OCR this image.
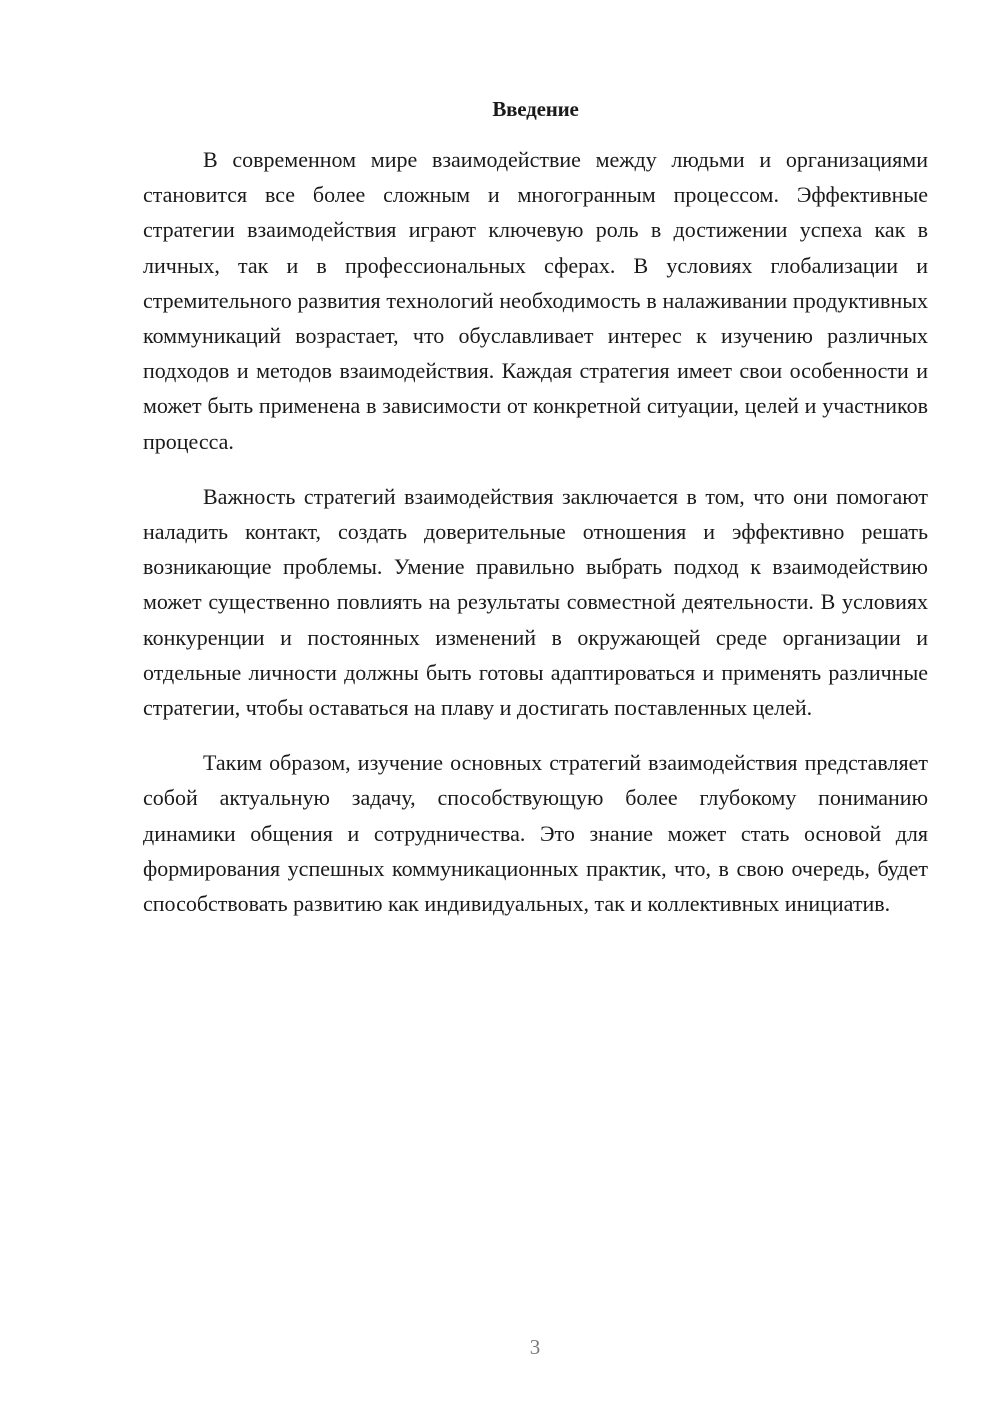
Введение

В современном мире взаимодействие между людьми и организациями становится все более сложным и многогранным процессом. Эффективные стратегии взаимодействия играют ключевую роль в достижении успеха как в личных, так и в профессиональных сферах. В условиях глобализации и стремительного развития технологий необходимость в налаживании продуктивных коммуникаций возрастает, что обуславливает интерес к изучению различных подходов и методов взаимодействия. Каждая стратегия имеет свои особенности и может быть применена в зависимости от конкретной ситуации, целей и участников процесса.

Важность стратегий взаимодействия заключается в том, что они помогают наладить контакт, создать доверительные отношения и эффективно решать возникающие проблемы. Умение правильно выбрать подход к взаимодействию может существенно повлиять на результаты совместной деятельности. В условиях конкуренции и постоянных изменений в окружающей среде организации и отдельные личности должны быть готовы адаптироваться и применять различные стратегии, чтобы оставаться на плаву и достигать поставленных целей.

Таким образом, изучение основных стратегий взаимодействия представляет собой актуальную задачу, способствующую более глубокому пониманию динамики общения и сотрудничества. Это знание может стать основой для формирования успешных коммуникационных практик, что, в свою очередь, будет способствовать развитию как индивидуальных, так и коллективных инициатив.

3
